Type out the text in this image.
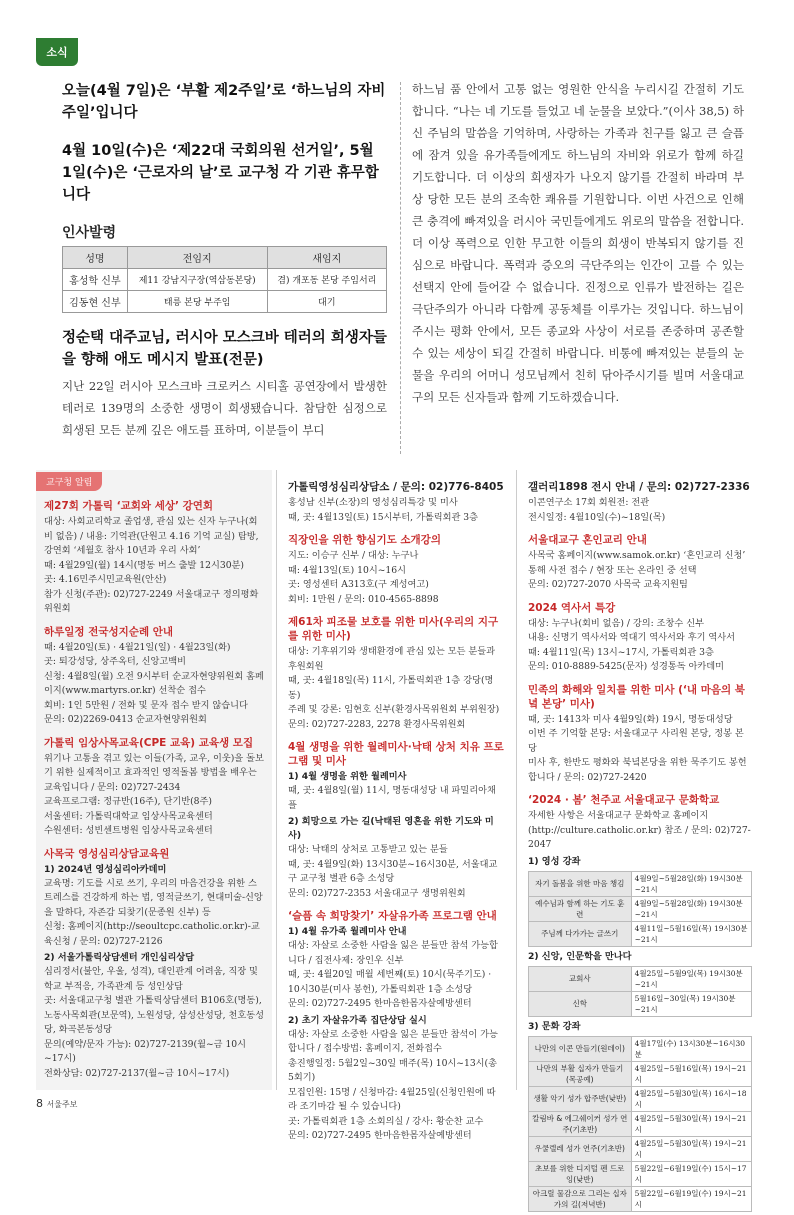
소식
오늘(4월 7일)은 ‘부활 제2주일’로 ‘하느님의 자비 주일’입니다
4월 10일(수)은 ‘제22대 국회의원 선거일’, 5월 1일(수)은 ‘근로자의 날’로 교구청 각 기관 휴무합니다
인사발령
성명	전임지	새임지
홍성학 신부	제11 강남지구장(역삼동본당)	겸) 개포동 본당 주임서리
김동현 신부	태릉 본당 부주임	대기
정순택 대주교님, 러시아 모스크바 테러의 희생자들을 향해 애도 메시지 발표(전문)

지난 22일 러시아 모스크바 크로커스 시티홀 공연장에서 발생한 테러로 139명의 소중한 생명이 희생됐습니다. 참담한 심정으로 희생된 모든 분께 깊은 애도를 표하며, 이분들이 부디

하느님 품 안에서 고통 없는 영원한 안식을 누리시길 간절히 기도합니다. “나는 네 기도를 들었고 네 눈물을 보았다.”(이사 38,5) 하신 주님의 말씀을 기억하며, 사랑하는 가족과 친구를 잃고 큰 슬픔에 잠겨 있을 유가족들에게도 하느님의 자비와 위로가 함께 하길 기도합니다. 더 이상의 희생자가 나오지 않기를 간절히 바라며 부상 당한 모든 분의 조속한 쾌유를 기원합니다. 이번 사건으로 인해 큰 충격에 빠져있을 러시아 국민들에게도 위로의 말씀을 전합니다. 더 이상 폭력으로 인한 무고한 이들의 희생이 반복되지 않기를 진심으로 바랍니다. 폭력과 증오의 극단주의는 인간이 고를 수 있는 선택지 안에 들어갈 수 없습니다. 진정으로 인류가 발전하는 길은 극단주의가 아니라 다함께 공동체를 이루가는 것입니다. 하느님이 주시는 평화 안에서, 모든 종교와 사상이 서로를 존중하며 공존할 수 있는 세상이 되길 간절히 바랍니다. 비통에 빠져있는 분들의 눈물을 우리의 어머니 성모님께서 친히 닦아주시기를 빌며 서울대교구의 모든 신자들과 함께 기도하겠습니다.

교구청 알림
제27회 가톨릭 ‘교회와 세상’ 강연회

대상: 사회교리학교 졸업생, 관심 있는 신자 누구나(회비 없음) / 내용: 기억관(단원고 4.16 기억 교실) 탐방, 강연회 ‘세월호 참사 10년과 우리 사회’

때: 4월29일(월) 14시(명동 버스 출발 12시30분)

곳: 4.16민주시민교육원(안산)

참가 신청(주관): 02)727-2249 서울대교구 정의평화위원회

하루일정 전국성지순례 안내

때: 4월20일(토) · 4월21일(일) · 4월23일(화)

곳: 퇴강성당, 상주옥터, 신앙고백비

신청: 4월8일(월) 오전 9시부터 순교자현양위원회 홈페이지(www.martyrs.or.kr) 선착순 접수

회비: 1인 5만원 / 전화 및 문자 접수 받지 않습니다

문의: 02)2269-0413 순교자현양위원회

가톨릭 임상사목교육(CPE 교육) 교육생 모집

위기나 고통을 겪고 있는 이들(가족, 교우, 이웃)을 돌보기 위한 실제적이고 효과적인 영적돌봄 방법을 배우는 교육입니다 / 문의: 02)727-2434

교육프로그램: 정규반(16주), 단기반(8주)

서울센터: 가톨릭대학교 임상사목교육센터

수원센터: 성빈센트병원 임상사목교육센터

사목국 영성심리상담교육원
1) 2024년 영성심리아카데미

교육명: 기도를 시로 쓰기, 우리의 마음건강을 위한 스트레스를 건강하게 하는 법, 영적글쓰기, 현대미술-신앙을 말하다, 자존감 되찾기(문종원 신부) 등

신청: 홈페이지(http://seoultcpc.catholic.or.kr)-교육신청 / 문의: 02)727-2126

2) 서울가톨릭상담센터 개인심리상담

심리정서(불안, 우울, 성격), 대인관계 어려움, 직장 및 학교 부적응, 가족관계 등 성인상담

곳: 서울대교구청 별관 가톨릭상담센터 B106호(명동), 노동사목회관(보문역), 노원성당, 삼성산성당, 천호동성당, 화곡본동성당

문의(예약/문자 가능): 02)727-2139(월~금 10시~17시)

전화상담: 02)727-2137(월~금 10시~17시)

가톨릭영성심리상담소 / 문의: 02)776-8405

홍성남 신부(소장)의 영성심리특강 및 미사

때, 곳: 4월13일(토) 15시부터, 가톨릭회관 3층

직장인을 위한 향심기도 소개강의

지도: 이승구 신부 / 대상: 누구나

때: 4월13일(토) 10시~16시

곳: 영성센터 A313호(구 계성여고)

회비: 1만원 / 문의: 010-4565-8898

제61차 피조물 보호를 위한 미사(우리의 지구를 위한 미사)

대상: 기후위기와 생태환경에 관심 있는 모든 분들과 후원회원

때, 곳: 4월18일(목) 11시, 가톨릭회관 1층 강당(명동)

주례 및 강론: 임현호 신부(환경사목위원회 부위원장)

문의: 02)727-2283, 2278 환경사목위원회

4월 생명을 위한 월례미사·낙태 상처 치유 프로그램 및 미사
1) 4월 생명을 위한 월례미사

때, 곳: 4월8일(월) 11시, 명동대성당 내 파밀리아채플

2) 희망으로 가는 길(낙태된 영혼을 위한 기도와 미사)

대상: 낙태의 상처로 고통받고 있는 분들

때, 곳: 4월9일(화) 13시30분~16시30분, 서울대교구 교구청 별관 6층 소성당

문의: 02)727-2353 서울대교구 생명위원회

‘슬픔 속 희망찾기’ 자살유가족 프로그램 안내
1) 4월 유가족 월례미사 안내

대상: 자살로 소중한 사람을 잃은 분들만 참석 가능합니다 / 집전사제: 장인우 신부

때, 곳: 4월20일 매월 세번째(토) 10시(묵주기도) · 10시30분(미사 봉헌), 가톨릭회관 1층 소성당

문의: 02)727-2495 한마음한몸자살예방센터

2) 초기 자살유가족 집단상담 실시

대상: 자살로 소중한 사람을 잃은 분들만 참석이 가능합니다 / 접수방법: 홈페이지, 전화접수

총진행일정: 5월2일~30일 매주(목) 10시~13시(총 5회기)

모집인원: 15명 / 신청마감: 4월25일(신청인원에 따라 조기마감 될 수 있습니다)

곳: 가톨릭회관 1층 소회의실 / 강사: 황순찬 교수

문의: 02)727-2495 한마음한몸자살예방센터

갤러리1898 전시 안내 / 문의: 02)727-2336

이콘연구소 17회 회원전: 전관

전시일정: 4월10일(수)~18일(목)

서울대교구 혼인교리 안내

사목국 홈페이지(www.samok.or.kr) ‘혼인교리 신청’ 통해 사전 접수 / 현장 또는 온라인 중 선택

문의: 02)727-2070 사목국 교육지원팀

2024 역사서 특강

대상: 누구나(회비 없음) / 강의: 조창수 신부

내용: 신명기 역사서와 역대기 역사서와 후기 역사서

때: 4월11일(목) 13시~17시, 가톨릭회관 3층

문의: 010-8889-5425(문자) 성경통독 아카데미

민족의 화해와 일치를 위한 미사 (‘내 마음의 북녘 본당’ 미사)

때, 곳: 1413차 미사 4월9일(화) 19시, 명동대성당

이번 주 기억할 본당: 서울대교구 사리원 본당, 정봉 본당

미사 후, 한반도 평화와 북녘본당을 위한 묵주기도 봉헌합니다 / 문의: 02)727-2420

‘2024 · 봄’ 천주교 서울대교구 문화학교

자세한 사항은 서울대교구 문화학교 홈페이지(http://culture.catholic.or.kr) 참조 / 문의: 02)727-2047

1) 영성 강좌
자기 돌봄을 위한 마음 챙김	4월9일~5월28일(화) 19시30분~21시
예수님과 함께 하는 기도 훈련	4월9일~5월28일(화) 19시30분~21시
주님께 다가가는 글쓰기	4월11일~5월16일(목) 19시30분~21시
2) 신앙, 인문학을 만나다
교회사	4월25일~5월9일(목) 19시30분~21시
신학	5월16일~30일(목) 19시30분~21시
3) 문화 강좌
나만의 이콘 만들기(원데이)	4월17일(수) 13시30분~16시30분
나만의 부활 십자가 만들기(목공예)	4월25일~5월16일(목) 19시~21시
생활 악기 성가 합주반(낮반)	4월25일~5월30일(목) 16시~18시
칼림바 & 에그쉐이커 성가 연주(기초반)	4월25일~5월30일(목) 19시~21시
우쿨렐레 성가 연주(기초반)	4월25일~5월30일(목) 19시~21시
초보를 위한 디지털 펜 드로잉(낮반)	5월22일~6월19일(수) 15시~17시
아크릴 물감으로 그리는 십자가의 길(저녁반)	5월22일~6월19일(수) 19시~21시
8 서울주보
